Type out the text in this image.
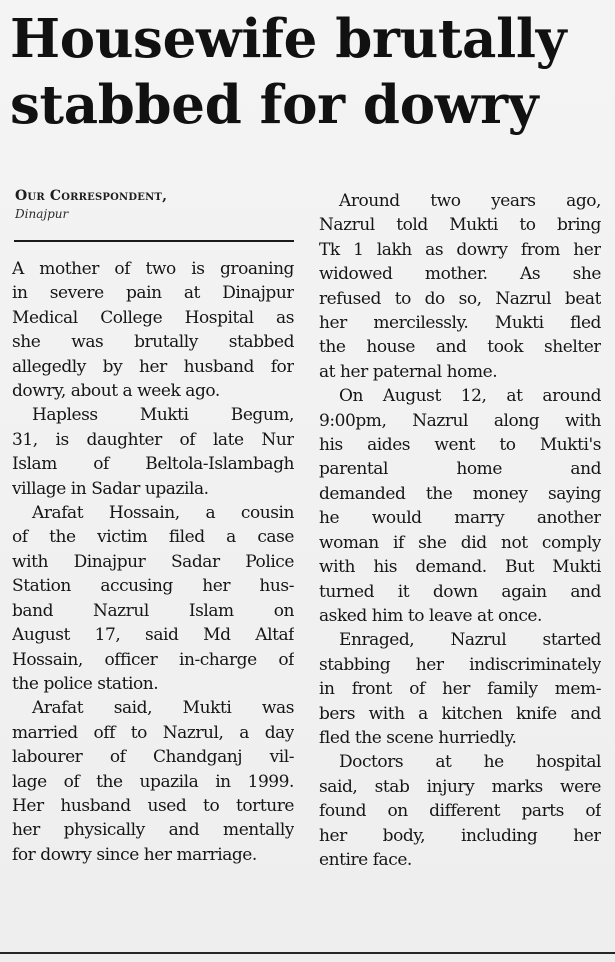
Housewife brutally
stabbed for dowry
Our Correspondent,
Dinajpur
A mother of two is groaning
in severe pain at Dinajpur
Medical College Hospital as
she was brutally stabbed
allegedly by her husband for
dowry, about a week ago.
Hapless Mukti Begum,
31, is daughter of late Nur
Islam of Beltola-Islambagh
village in Sadar upazila.
Arafat Hossain, a cousin
of the victim filed a case
with Dinajpur Sadar Police
Station accusing her hus-
band Nazrul Islam on
August 17, said Md Altaf
Hossain, officer in-charge of
the police station.
Arafat said, Mukti was
married off to Nazrul, a day
labourer of Chandganj vil-
lage of the upazila in 1999.
Her husband used to torture
her physically and mentally
for dowry since her marriage.
Around two years ago,
Nazrul told Mukti to bring
Tk 1 lakh as dowry from her
widowed mother. As she
refused to do so, Nazrul beat
her mercilessly. Mukti fled
the house and took shelter
at her paternal home.
On August 12, at around
9:00pm, Nazrul along with
his aides went to Mukti's
parental home and
demanded the money saying
he would marry another
woman if she did not comply
with his demand. But Mukti
turned it down again and
asked him to leave at once.
Enraged, Nazrul started
stabbing her indiscriminately
in front of her family mem-
bers with a kitchen knife and
fled the scene hurriedly.
Doctors at he hospital
said, stab injury marks were
found on different parts of
her body, including her
entire face.
